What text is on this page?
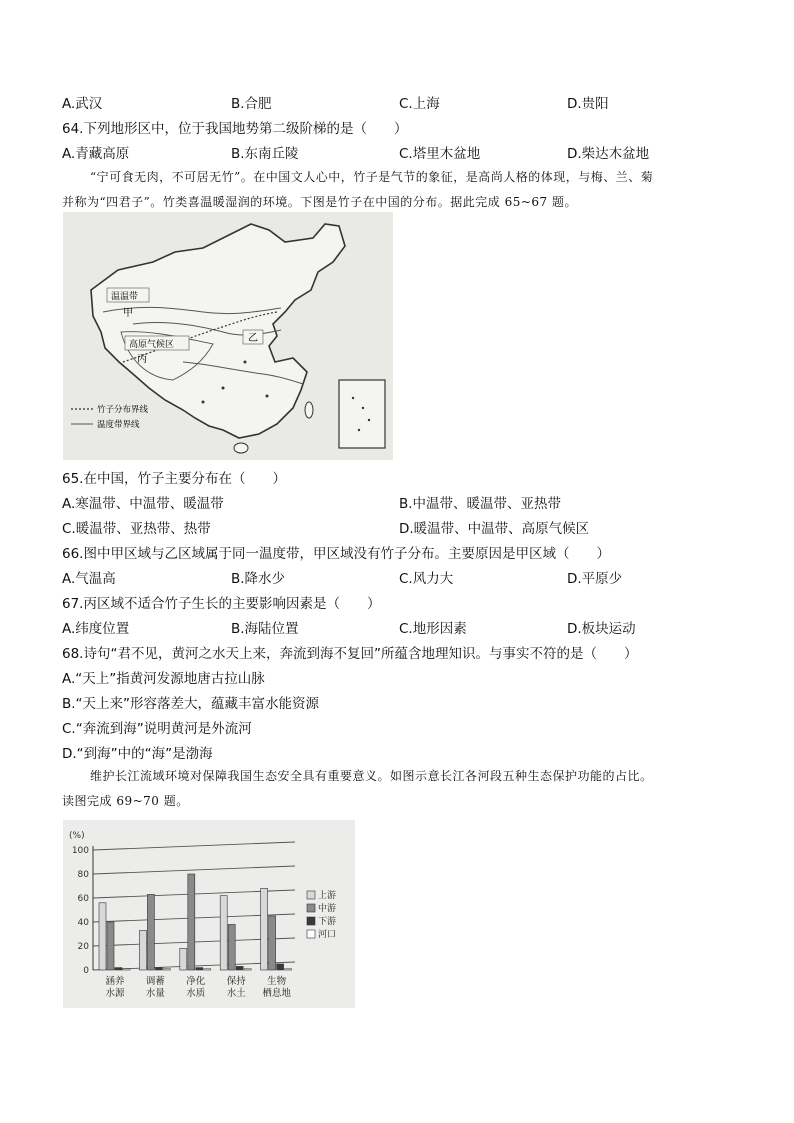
A.武汉	B.合肥	C.上海	D.贵阳
64.下列地形区中，位于我国地势第二级阶梯的是（　　）
A.青藏高原	B.东南丘陵	C.塔里木盆地	D.柴达木盆地
“宁可食无肉，不可居无竹”。在中国文人心中，竹子是气节的象征，是高尚人格的体现，与梅、兰、菊
并称为“四君子”。竹类喜温暖湿润的环境。下图是竹子在中国的分布。据此完成 65~67 题。
温温带
甲
高原气候区
丙
乙
竹子分布界线
温度带界线
65.在中国，竹子主要分布在（　　）
A.寒温带、中温带、暖温带	B.中温带、暖温带、亚热带
C.暖温带、亚热带、热带	D.暖温带、中温带、高原气候区
66.图中甲区域与乙区域属于同一温度带，甲区域没有竹子分布。主要原因是甲区域（　　）
A.气温高	B.降水少	C.风力大	D.平原少
67.丙区域不适合竹子生长的主要影响因素是（　　）
A.纬度位置	B.海陆位置	C.地形因素	D.板块运动
68.诗句“君不见，黄河之水天上来，奔流到海不复回”所蕴含地理知识。与事实不符的是（　　）
A.“天上”指黄河发源地唐古拉山脉
B.“天上来”形容落差大，蕴藏丰富水能资源
C.“奔流到海”说明黄河是外流河
D.“到海”中的“海”是渤海
维护长江流域环境对保障我国生态安全具有重要意义。如图示意长江各河段五种生态保护功能的占比。
读图完成 69~70 题。
(%)
0
20
40
60
80
100
涵养
水源
调蓄
水量
净化
水质
保持
水土
生物
栖息地
上游
中游
下游
河口
